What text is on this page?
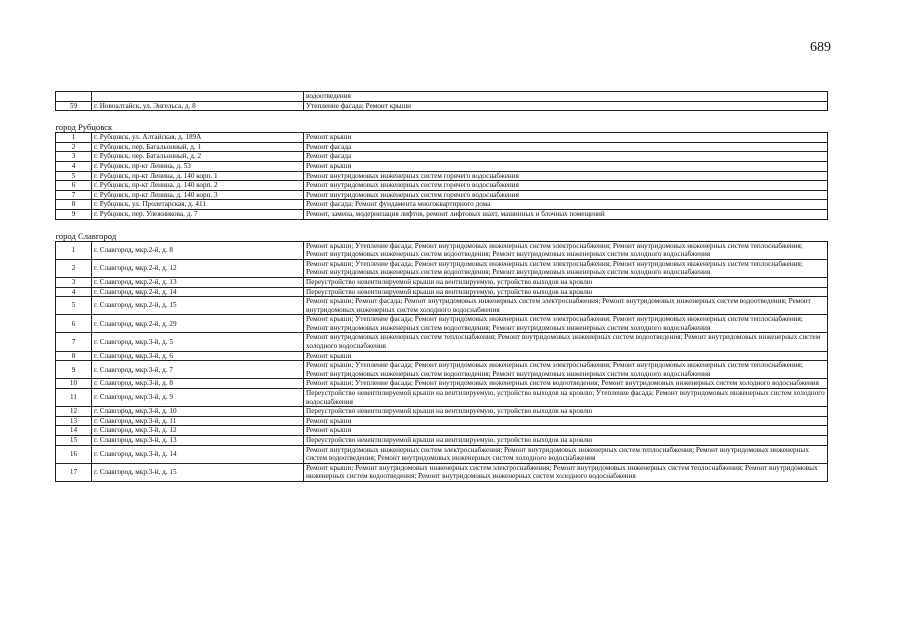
689
		водоотведения
59	г. Новоалтайск, ул. Энгельса, д. 8	Утепление фасада; Ремонт крыши

город Рубцовск		
1	г. Рубцовск, ул. Алтайская, д. 189А	Ремонт крыши
2	г. Рубцовск, пер. Батальонный, д. 1	Ремонт фасада
3	г. Рубцовск, пер. Батальонный, д. 2	Ремонт фасада
4	г. Рубцовск, пр-кт Ленина, д. 53	Ремонт крыши
5	г. Рубцовск, пр-кт Ленина, д. 140 корп. 1	Ремонт внутридомовых инженерных систем горячего водоснабжения
6	г. Рубцовск, пр-кт Ленина, д. 140 корп. 2	Ремонт внутридомовых инженерных систем горячего водоснабжения
7	г. Рубцовск, пр-кт Ленина, д. 140 корп. 3	Ремонт внутридомовых инженерных систем горячего водоснабжения
8	г. Рубцовск, ул. Пролетарская, д. 411	Ремонт фасада; Ремонт фундамента многоквартирного дома
9	г. Рубцовск, пер. Улежникова, д. 7	Ремонт, замена, модернизация лифтов, ремонт лифтовых шахт, машинных и блочных помещений

город Славгород		
1	г. Славгород, мкр.2-й, д. 8	Ремонт крыши; Утепление фасада; Ремонт внутридомовых инженерных систем электроснабжения; Ремонт внутридомовых инженерных систем теплоснабжения; Ремонт внутридомовых инженерных систем водоотведения; Ремонт внутридомовых инженерных систем холодного водоснабжения
2	г. Славгород, мкр.2-й, д. 12	Ремонт крыши; Утепление фасада; Ремонт внутридомовых инженерных систем электроснабжения; Ремонт внутридомовых инженерных систем теплоснабжения; Ремонт внутридомовых инженерных систем водоотведения; Ремонт внутридомовых инженерных систем холодного водоснабжения
3	г. Славгород, мкр.2-й, д. 13	Переустройство невентилируемой крыши на вентилируемую, устройство выходов на кровлю
4	г. Славгород, мкр.2-й, д. 14	Переустройство невентилируемой крыши на вентилируемую, устройство выходов на кровлю
5	г. Славгород, мкр.2-й, д. 15	Ремонт крыши; Ремонт фасада; Ремонт внутридомовых инженерных систем электроснабжения; Ремонт внутридомовых инженерных систем водоотведения; Ремонт внутридомовых инженерных систем холодного водоснабжения
6	г. Славгород, мкр.2-й, д. 29	Ремонт крыши; Утепление фасада; Ремонт внутридомовых инженерных систем электроснабжения; Ремонт внутридомовых инженерных систем теплоснабжения; Ремонт внутридомовых инженерных систем водоотведения; Ремонт внутридомовых инженерных систем холодного водоснабжения
7	г. Славгород, мкр.3-й, д. 5	Ремонт внутридомовых инженерных систем теплоснабжения; Ремонт внутридомовых инженерных систем водоотведения; Ремонт внутридомовых инженерных систем холодного водоснабжения
8	г. Славгород, мкр.3-й, д. 6	Ремонт крыши
9	г. Славгород, мкр.3-й, д. 7	Ремонт крыши; Утепление фасада; Ремонт внутридомовых инженерных систем электроснабжения; Ремонт внутридомовых инженерных систем теплоснабжения; Ремонт внутридомовых инженерных систем водоотведения; Ремонт внутридомовых инженерных систем холодного водоснабжения
10	г. Славгород, мкр.3-й, д. 8	Ремонт крыши; Утепление фасада; Ремонт внутридомовых инженерных систем водоотведения; Ремонт внутридомовых инженерных систем холодного водоснабжения
11	г. Славгород, мкр.3-й, д. 9	Переустройство невентилируемой крыши на вентилируемую, устройство выходов на кровлю; Утепление фасада; Ремонт внутридомовых инженерных систем холодного водоснабжения
12	г. Славгород, мкр.3-й, д. 10	Переустройство невентилируемой крыши на вентилируемую, устройство выходов на кровлю
13	г. Славгород, мкр.3-й, д. 11	Ремонт крыши
14	г. Славгород, мкр.3-й, д. 12	Ремонт крыши
15	г. Славгород, мкр.3-й, д. 13	Переустройство невентилируемой крыши на вентилируемую, устройство выходов на кровлю
16	г. Славгород, мкр.3-й, д. 14	Ремонт внутридомовых инженерных систем электроснабжения; Ремонт внутридомовых инженерных систем теплоснабжения; Ремонт внутридомовых инженерных систем водоотведения; Ремонт внутридомовых инженерных систем холодного водоснабжения
17	г. Славгород, мкр.3-й, д. 15	Ремонт крыши; Ремонт внутридомовых инженерных систем электроснабжения; Ремонт внутридомовых инженерных систем теплоснабжения; Ремонт внутридомовых инженерных систем водоотведения; Ремонт внутридомовых инженерных систем холодного водоснабжения
